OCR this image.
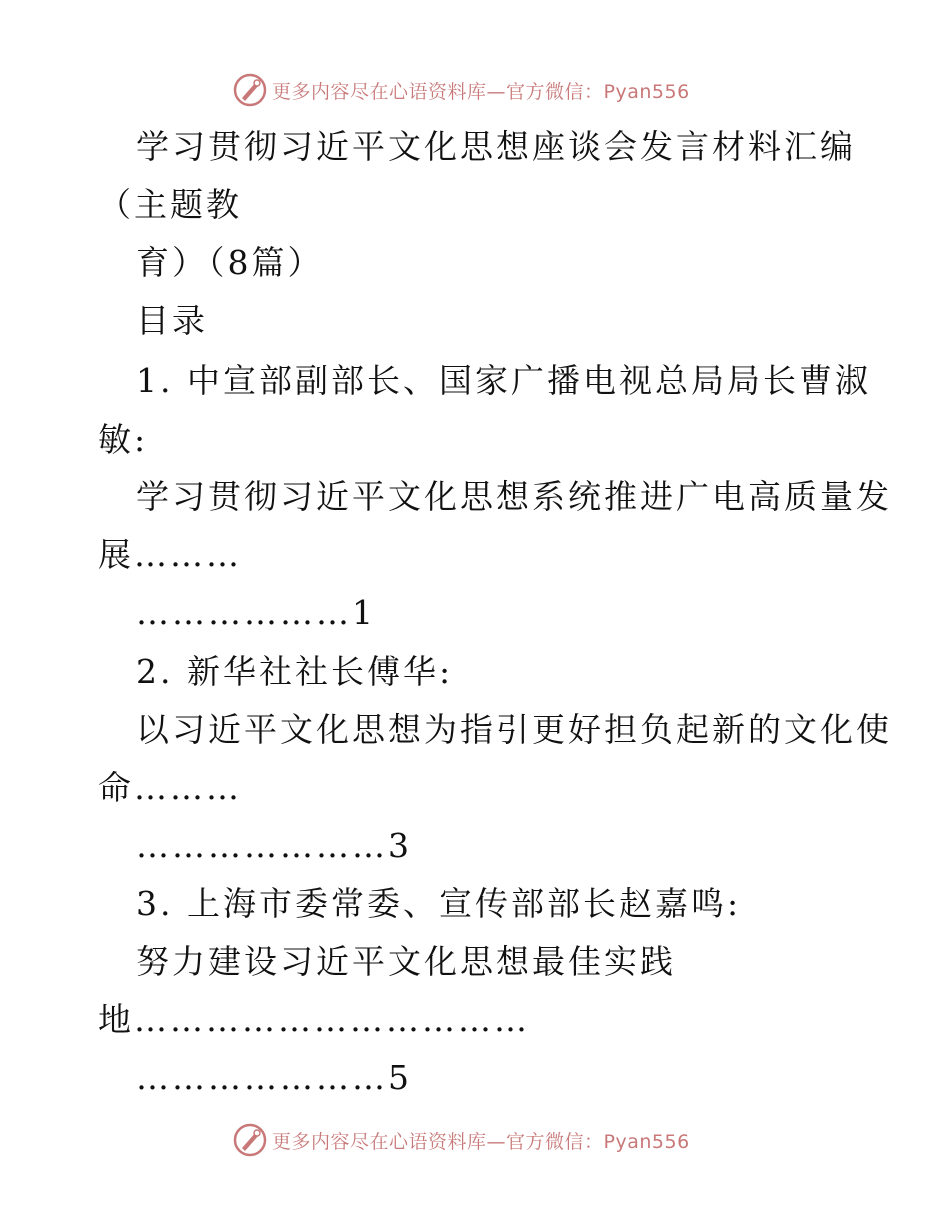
更多内容尽在心语资料库—官方微信：Pyan556
学习贯彻习近平文化思想座谈会发言材料汇编
（主题教
育）（8篇）
目录
1. 中宣部副部长、国家广播电视总局局长曹淑
敏:
学习贯彻习近平文化思想系统推进广电高质量发
展………
………………1
2. 新华社社长傅华:
以习近平文化思想为指引更好担负起新的文化使
命………
…………………3
3. 上海市委常委、宣传部部长赵嘉鸣:
努力建设习近平文化思想最佳实践
地……………………………
…………………5
更多内容尽在心语资料库—官方微信：Pyan556
